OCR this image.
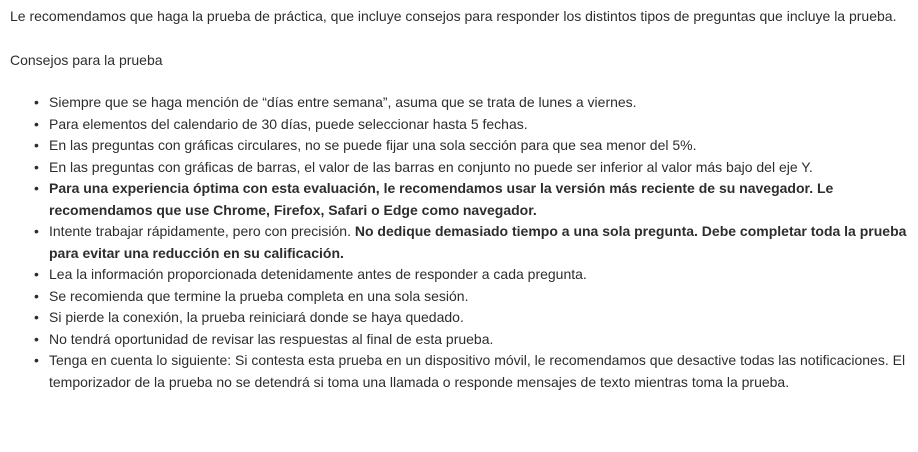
Le recomendamos que haga la prueba de práctica, que incluye consejos para responder los distintos tipos de preguntas que incluye la prueba.

Consejos para la prueba

• Siempre que se haga mención de “días entre semana”, asuma que se trata de lunes a viernes.
• Para elementos del calendario de 30 días, puede seleccionar hasta 5 fechas.
• En las preguntas con gráficas circulares, no se puede fijar una sola sección para que sea menor del 5%.
• En las preguntas con gráficas de barras, el valor de las barras en conjunto no puede ser inferior al valor más bajo del eje Y.
• Para una experiencia óptima con esta evaluación, le recomendamos usar la versión más reciente de su navegador. Le recomendamos que use Chrome, Firefox, Safari o Edge como navegador.
• Intente trabajar rápidamente, pero con precisión. No dedique demasiado tiempo a una sola pregunta. Debe completar toda la prueba para evitar una reducción en su calificación.
• Lea la información proporcionada detenidamente antes de responder a cada pregunta.
• Se recomienda que termine la prueba completa en una sola sesión.
• Si pierde la conexión, la prueba reiniciará donde se haya quedado.
• No tendrá oportunidad de revisar las respuestas al final de esta prueba.
• Tenga en cuenta lo siguiente: Si contesta esta prueba en un dispositivo móvil, le recomendamos que desactive todas las notificaciones. El temporizador de la prueba no se detendrá si toma una llamada o responde mensajes de texto mientras toma la prueba.
